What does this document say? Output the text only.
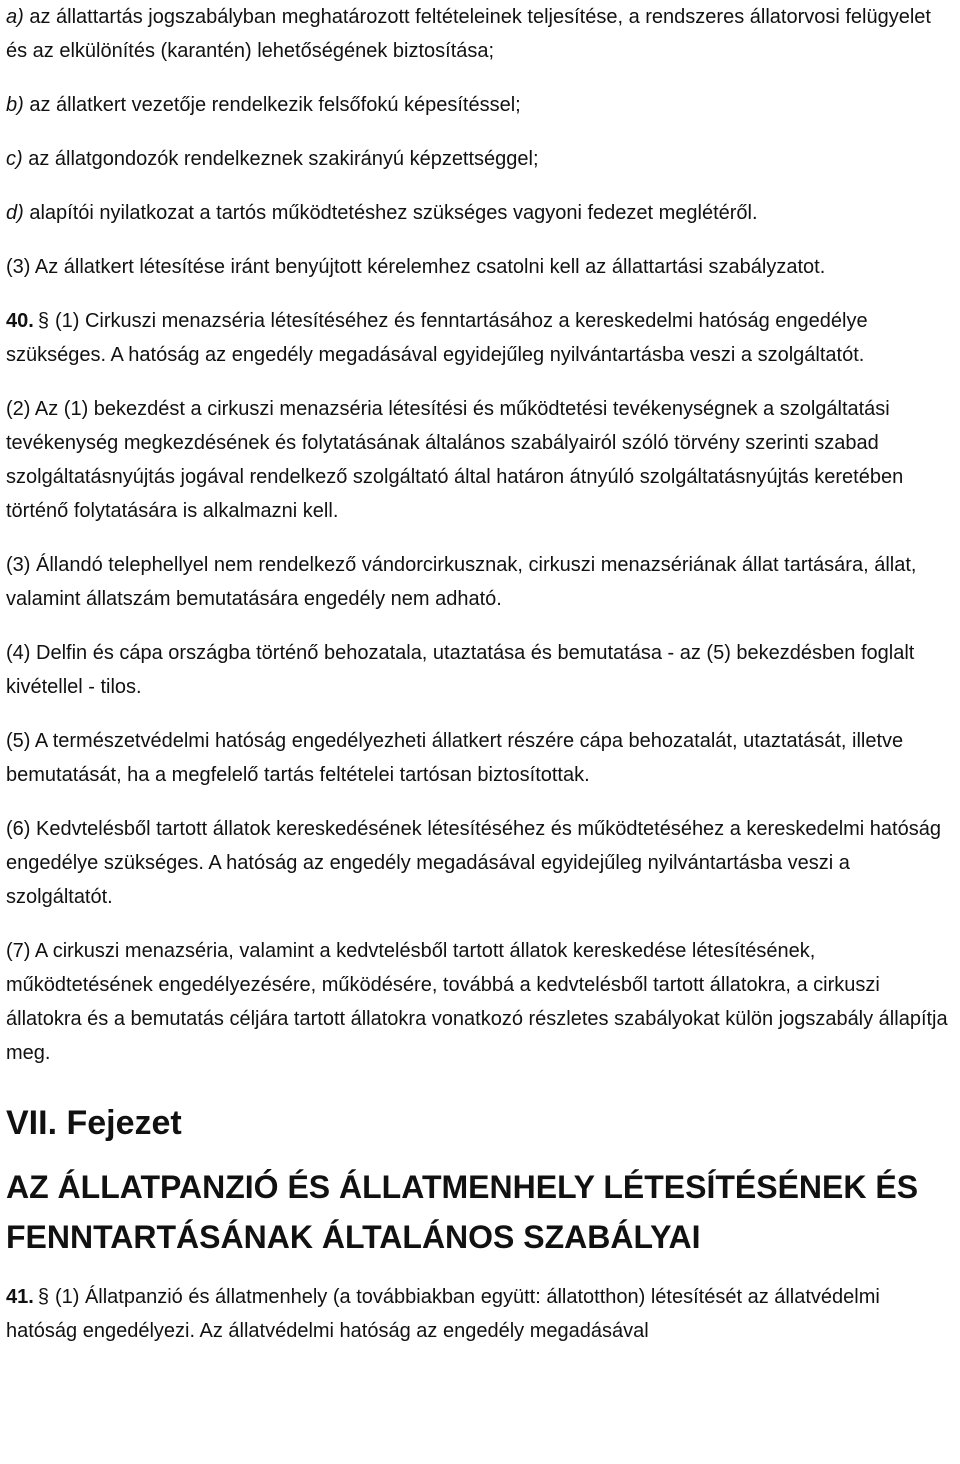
a) az állattartás jogszabályban meghatározott feltételeinek teljesítése, a rendszeres állatorvosi felügyelet és az elkülönítés (karantén) lehetőségének biztosítása;

b) az állatkert vezetője rendelkezik felsőfokú képesítéssel;

c) az állatgondozók rendelkeznek szakirányú képzettséggel;

d) alapítói nyilatkozat a tartós működtetéshez szükséges vagyoni fedezet meglétéről.

(3) Az állatkert létesítése iránt benyújtott kérelemhez csatolni kell az állattartási szabályzatot.

40. § (1) Cirkuszi menazséria létesítéséhez és fenntartásához a kereskedelmi hatóság engedélye szükséges. A hatóság az engedély megadásával egyidejűleg nyilvántartásba veszi a szolgáltatót.

(2) Az (1) bekezdést a cirkuszi menazséria létesítési és működtetési tevékenységnek a szolgáltatási tevékenység megkezdésének és folytatásának általános szabályairól szóló törvény szerinti szabad szolgáltatásnyújtás jogával rendelkező szolgáltató által határon átnyúló szolgáltatásnyújtás keretében történő folytatására is alkalmazni kell.

(3) Állandó telephellyel nem rendelkező vándorcirkusznak, cirkuszi menazsériának állat tartására, állat, valamint állatszám bemutatására engedély nem adható.

(4) Delfin és cápa országba történő behozatala, utaztatása és bemutatása - az (5) bekezdésben foglalt kivétellel - tilos.

(5) A természetvédelmi hatóság engedélyezheti állatkert részére cápa behozatalát, utaztatását, illetve bemutatását, ha a megfelelő tartás feltételei tartósan biztosítottak.

(6) Kedvtelésből tartott állatok kereskedésének létesítéséhez és működtetéséhez a kereskedelmi hatóság engedélye szükséges. A hatóság az engedély megadásával egyidejűleg nyilvántartásba veszi a szolgáltatót.

(7) A cirkuszi menazséria, valamint a kedvtelésből tartott állatok kereskedése létesítésének, működtetésének engedélyezésére, működésére, továbbá a kedvtelésből tartott állatokra, a cirkuszi állatokra és a bemutatás céljára tartott állatokra vonatkozó részletes szabályokat külön jogszabály állapítja meg.

VII. Fejezet
AZ ÁLLATPANZIÓ ÉS ÁLLATMENHELY LÉTESÍTÉSÉNEK ÉS FENNTARTÁSÁNAK ÁLTALÁNOS SZABÁLYAI

41. § (1) Állatpanzió és állatmenhely (a továbbiakban együtt: állatotthon) létesítését az állatvédelmi hatóság engedélyezi. Az állatvédelmi hatóság az engedély megadásával
